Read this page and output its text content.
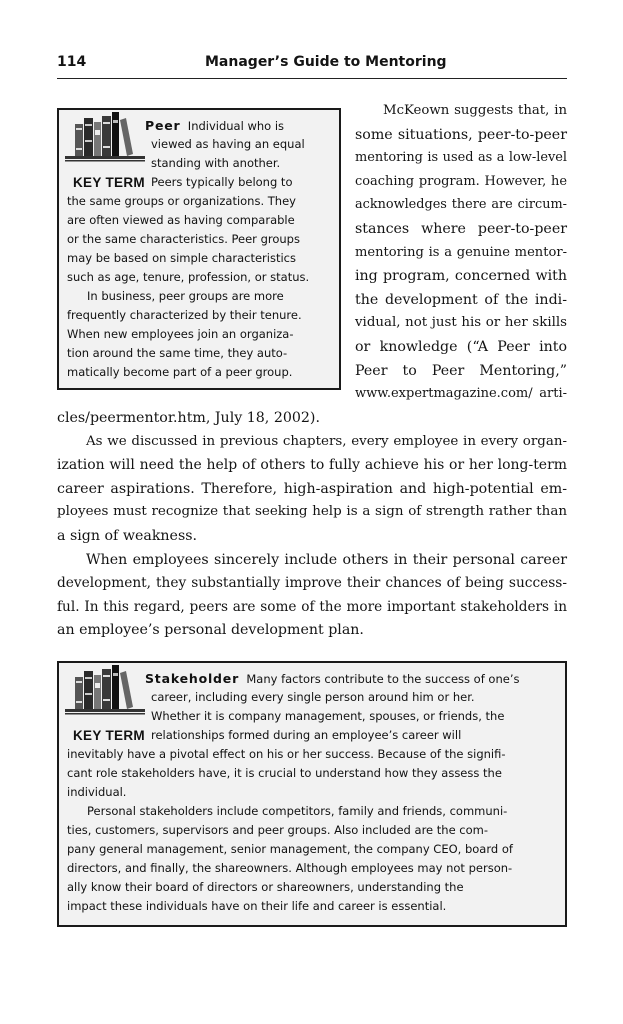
114	Manager’s Guide to Mentoring
Peer Individual who is
viewed as having an equal
standing with another.
KEY TERM Peers typically belong to
the same groups or organizations. They
are often viewed as having comparable
or the same characteristics. Peer groups
may be based on simple characteristics
such as age, tenure, profession, or status.
In business, peer groups are more
frequently characterized by their tenure.
When new employees join an organiza-
tion around the same time, they auto-
matically become part of a peer group.
McKeown suggests that, in
some situations, peer-to-peer
mentoring is used as a low-level
coaching program. However, he
acknowledges there are circum-
stances where peer-to-peer
mentoring is a genuine mentor-
ing program, concerned with
the development of the indi-
vidual, not just his or her skills
or knowledge (“A Peer into
Peer to Peer Mentoring,”
www.expertmagazine.com/ arti-
cles/peermentor.htm, July 18, 2002).
As we discussed in previous chapters, every employee in every organ-
ization will need the help of others to fully achieve his or her long-term
career aspirations. Therefore, high-aspiration and high-potential em-
ployees must recognize that seeking help is a sign of strength rather than
a sign of weakness.
When employees sincerely include others in their personal career
development, they substantially improve their chances of being success-
ful. In this regard, peers are some of the more important stakeholders in
an employee’s personal development plan.
Stakeholder Many factors contribute to the success of one’s
career, including every single person around him or her.
Whether it is company management, spouses, or friends, the
KEY TERM relationships formed during an employee’s career will
inevitably have a pivotal effect on his or her success. Because of the signifi-
cant role stakeholders have, it is crucial to understand how they assess the
individual.
Personal stakeholders include competitors, family and friends, communi-
ties, customers, supervisors and peer groups. Also included are the com-
pany general management, senior management, the company CEO, board of
directors, and finally, the shareowners. Although employees may not person-
ally know their board of directors or shareowners, understanding the
impact these individuals have on their life and career is essential.
